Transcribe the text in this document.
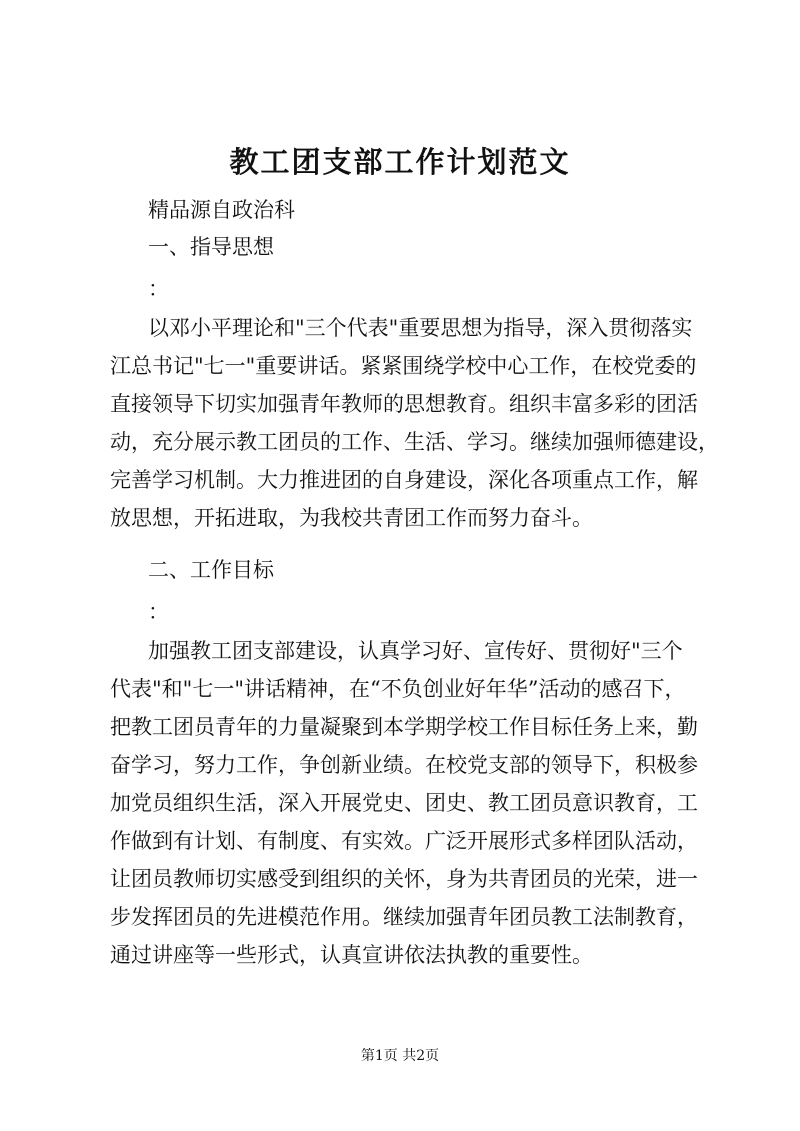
教工团支部工作计划范文
精品源自政治科
一、指导思想
：
以邓小平理论和"三个代表"重要思想为指导，深入贯彻落实
江总书记"七一"重要讲话。紧紧围绕学校中心工作，在校党委的
直接领导下切实加强青年教师的思想教育。组织丰富多彩的团活
动，充分展示教工团员的工作、生活、学习。继续加强师德建设，
完善学习机制。大力推进团的自身建设，深化各项重点工作，解
放思想，开拓进取，为我校共青团工作而努力奋斗。
二、工作目标
：
加强教工团支部建设，认真学习好、宣传好、贯彻好"三个
代表"和"七一"讲话精神，在“不负创业好年华”活动的感召下，
把教工团员青年的力量凝聚到本学期学校工作目标任务上来，勤
奋学习，努力工作，争创新业绩。在校党支部的领导下，积极参
加党员组织生活，深入开展党史、团史、教工团员意识教育，工
作做到有计划、有制度、有实效。广泛开展形式多样团队活动，
让团员教师切实感受到组织的关怀，身为共青团员的光荣，进一
步发挥团员的先进模范作用。继续加强青年团员教工法制教育，
通过讲座等一些形式，认真宣讲依法执教的重要性。
第1页 共2页
